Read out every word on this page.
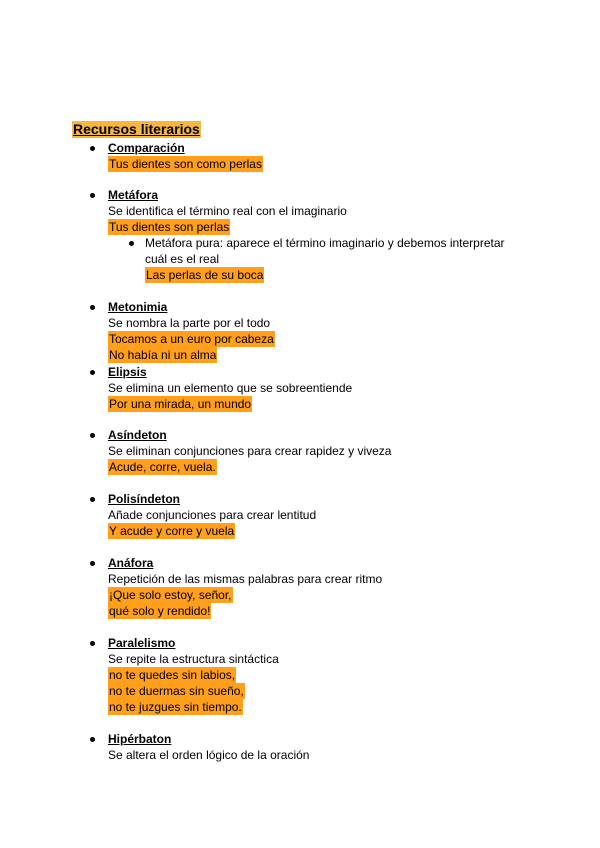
Recursos literarios
Comparación
Tus dientes son como perlas
Metáfora
Se identifica el término real con el imaginario
Tus dientes son perlas
Metáfora pura: aparece el término imaginario y debemos interpretar
cuál es el real
Las perlas de su boca
Metonimia
Se nombra la parte por el todo
Tocamos a un euro por cabeza
No había ni un alma
Elipsis
Se elimina un elemento que se sobreentiende
Por una mirada, un mundo
Asíndeton
Se eliminan conjunciones para crear rapidez y viveza
Acude, corre, vuela.
Polisíndeton
Añade conjunciones para crear lentitud
Y acude y corre y vuela
Anáfora
Repetición de las mismas palabras para crear ritmo
¡Que solo estoy, señor,
qué solo y rendido!
Paralelismo
Se repite la estructura sintáctica
no te quedes sin labios,
no te duermas sin sueño,
no te juzgues sin tiempo.
Hipérbaton
Se altera el orden lógico de la oración
